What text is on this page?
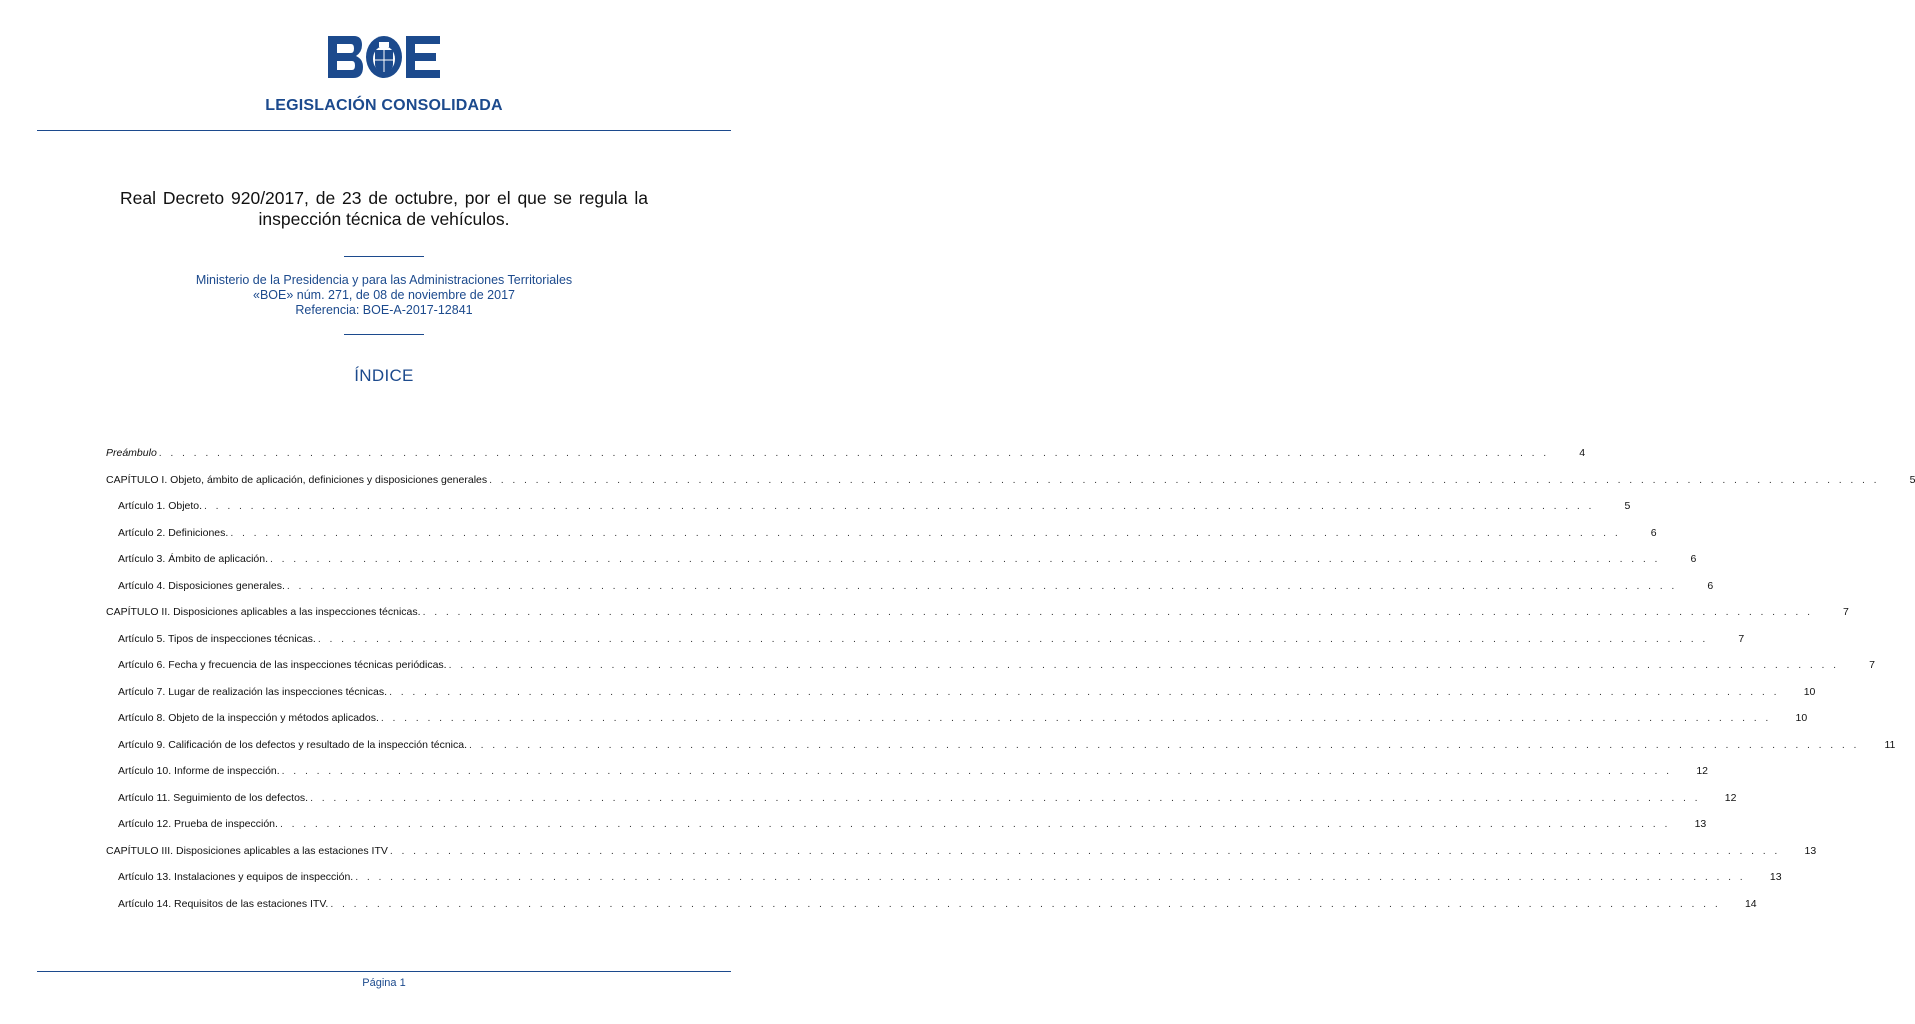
LEGISLACIÓN CONSOLIDADA
Real Decreto 920/2017, de 23 de octubre, por el que se regula la
inspección técnica de vehículos.
Ministerio de la Presidencia y para las Administraciones Territoriales
«BOE» núm. 271, de 08 de noviembre de 2017
Referencia: BOE-A-2017-12841
ÍNDICE
Preámbulo . . . . . . . . . . . . . . . . . . . . . . . . . . . . . . . . . . . . . . . . . . . . . . . . . . . . . . . . . . . . . . . . . . . . . . . . . . . . . . . . . . . . . . . . . . . . . . . . . . . . . . . . . . . . . . . . . . . . . . . .	4
CAPÍTULO I. Objeto, ámbito de aplicación, definiciones y disposiciones generales . . . . . . . . . . . . . . . . . . . . . . . . . . . . . . . . . . . . . . . . . . . . . . . . . . . . . . . . . . . . . . . . . . . . . . . . . . . . . . . . . . . . . . . . . . . . . . . . . . . . . . . . . . . . . . . . . . . . . . . .	5
Artículo 1. Objeto. . . . . . . . . . . . . . . . . . . . . . . . . . . . . . . . . . . . . . . . . . . . . . . . . . . . . . . . . . . . . . . . . . . . . . . . . . . . . . . . . . . . . . . . . . . . . . . . . . . . . . . . . . . . . . . . . . . . . . . . .	5
Artículo 2. Definiciones. . . . . . . . . . . . . . . . . . . . . . . . . . . . . . . . . . . . . . . . . . . . . . . . . . . . . . . . . . . . . . . . . . . . . . . . . . . . . . . . . . . . . . . . . . . . . . . . . . . . . . . . . . . . . . . . . . . . . . . . .	6
Artículo 3. Ámbito de aplicación. . . . . . . . . . . . . . . . . . . . . . . . . . . . . . . . . . . . . . . . . . . . . . . . . . . . . . . . . . . . . . . . . . . . . . . . . . . . . . . . . . . . . . . . . . . . . . . . . . . . . . . . . . . . . . . . . . . . . . . . .	6
Artículo 4. Disposiciones generales. . . . . . . . . . . . . . . . . . . . . . . . . . . . . . . . . . . . . . . . . . . . . . . . . . . . . . . . . . . . . . . . . . . . . . . . . . . . . . . . . . . . . . . . . . . . . . . . . . . . . . . . . . . . . . . . . . . . . . . . .	6
CAPÍTULO II. Disposiciones aplicables a las inspecciones técnicas. . . . . . . . . . . . . . . . . . . . . . . . . . . . . . . . . . . . . . . . . . . . . . . . . . . . . . . . . . . . . . . . . . . . . . . . . . . . . . . . . . . . . . . . . . . . . . . . . . . . . . . . . . . . . . . . . . . . . . . . .	7
Artículo 5. Tipos de inspecciones técnicas. . . . . . . . . . . . . . . . . . . . . . . . . . . . . . . . . . . . . . . . . . . . . . . . . . . . . . . . . . . . . . . . . . . . . . . . . . . . . . . . . . . . . . . . . . . . . . . . . . . . . . . . . . . . . . . . . . . . . . . . .	7
Artículo 6. Fecha y frecuencia de las inspecciones técnicas periódicas. . . . . . . . . . . . . . . . . . . . . . . . . . . . . . . . . . . . . . . . . . . . . . . . . . . . . . . . . . . . . . . . . . . . . . . . . . . . . . . . . . . . . . . . . . . . . . . . . . . . . . . . . . . . . . . . . . . . . . . . .	7
Artículo 7. Lugar de realización las inspecciones técnicas. . . . . . . . . . . . . . . . . . . . . . . . . . . . . . . . . . . . . . . . . . . . . . . . . . . . . . . . . . . . . . . . . . . . . . . . . . . . . . . . . . . . . . . . . . . . . . . . . . . . . . . . . . . . . . . . . . . . . . . . .	10
Artículo 8. Objeto de la inspección y métodos aplicados. . . . . . . . . . . . . . . . . . . . . . . . . . . . . . . . . . . . . . . . . . . . . . . . . . . . . . . . . . . . . . . . . . . . . . . . . . . . . . . . . . . . . . . . . . . . . . . . . . . . . . . . . . . . . . . . . . . . . . . . .	10
Artículo 9. Calificación de los defectos y resultado de la inspección técnica. . . . . . . . . . . . . . . . . . . . . . . . . . . . . . . . . . . . . . . . . . . . . . . . . . . . . . . . . . . . . . . . . . . . . . . . . . . . . . . . . . . . . . . . . . . . . . . . . . . . . . . . . . . . . . . . . . . . . . . . .	11
Artículo 10. Informe de inspección. . . . . . . . . . . . . . . . . . . . . . . . . . . . . . . . . . . . . . . . . . . . . . . . . . . . . . . . . . . . . . . . . . . . . . . . . . . . . . . . . . . . . . . . . . . . . . . . . . . . . . . . . . . . . . . . . . . . . . . . .	12
Artículo 11. Seguimiento de los defectos. . . . . . . . . . . . . . . . . . . . . . . . . . . . . . . . . . . . . . . . . . . . . . . . . . . . . . . . . . . . . . . . . . . . . . . . . . . . . . . . . . . . . . . . . . . . . . . . . . . . . . . . . . . . . . . . . . . . . . . . .	12
Artículo 12. Prueba de inspección. . . . . . . . . . . . . . . . . . . . . . . . . . . . . . . . . . . . . . . . . . . . . . . . . . . . . . . . . . . . . . . . . . . . . . . . . . . . . . . . . . . . . . . . . . . . . . . . . . . . . . . . . . . . . . . . . . . . . . . . .	13
CAPÍTULO III. Disposiciones aplicables a las estaciones ITV . . . . . . . . . . . . . . . . . . . . . . . . . . . . . . . . . . . . . . . . . . . . . . . . . . . . . . . . . . . . . . . . . . . . . . . . . . . . . . . . . . . . . . . . . . . . . . . . . . . . . . . . . . . . . . . . . . . . . . . .	13
Artículo 13. Instalaciones y equipos de inspección. . . . . . . . . . . . . . . . . . . . . . . . . . . . . . . . . . . . . . . . . . . . . . . . . . . . . . . . . . . . . . . . . . . . . . . . . . . . . . . . . . . . . . . . . . . . . . . . . . . . . . . . . . . . . . . . . . . . . . . . .	13
Artículo 14. Requisitos de las estaciones ITV. . . . . . . . . . . . . . . . . . . . . . . . . . . . . . . . . . . . . . . . . . . . . . . . . . . . . . . . . . . . . . . . . . . . . . . . . . . . . . . . . . . . . . . . . . . . . . . . . . . . . . . . . . . . . . . . . . . . . . . . .	14
Página 1
